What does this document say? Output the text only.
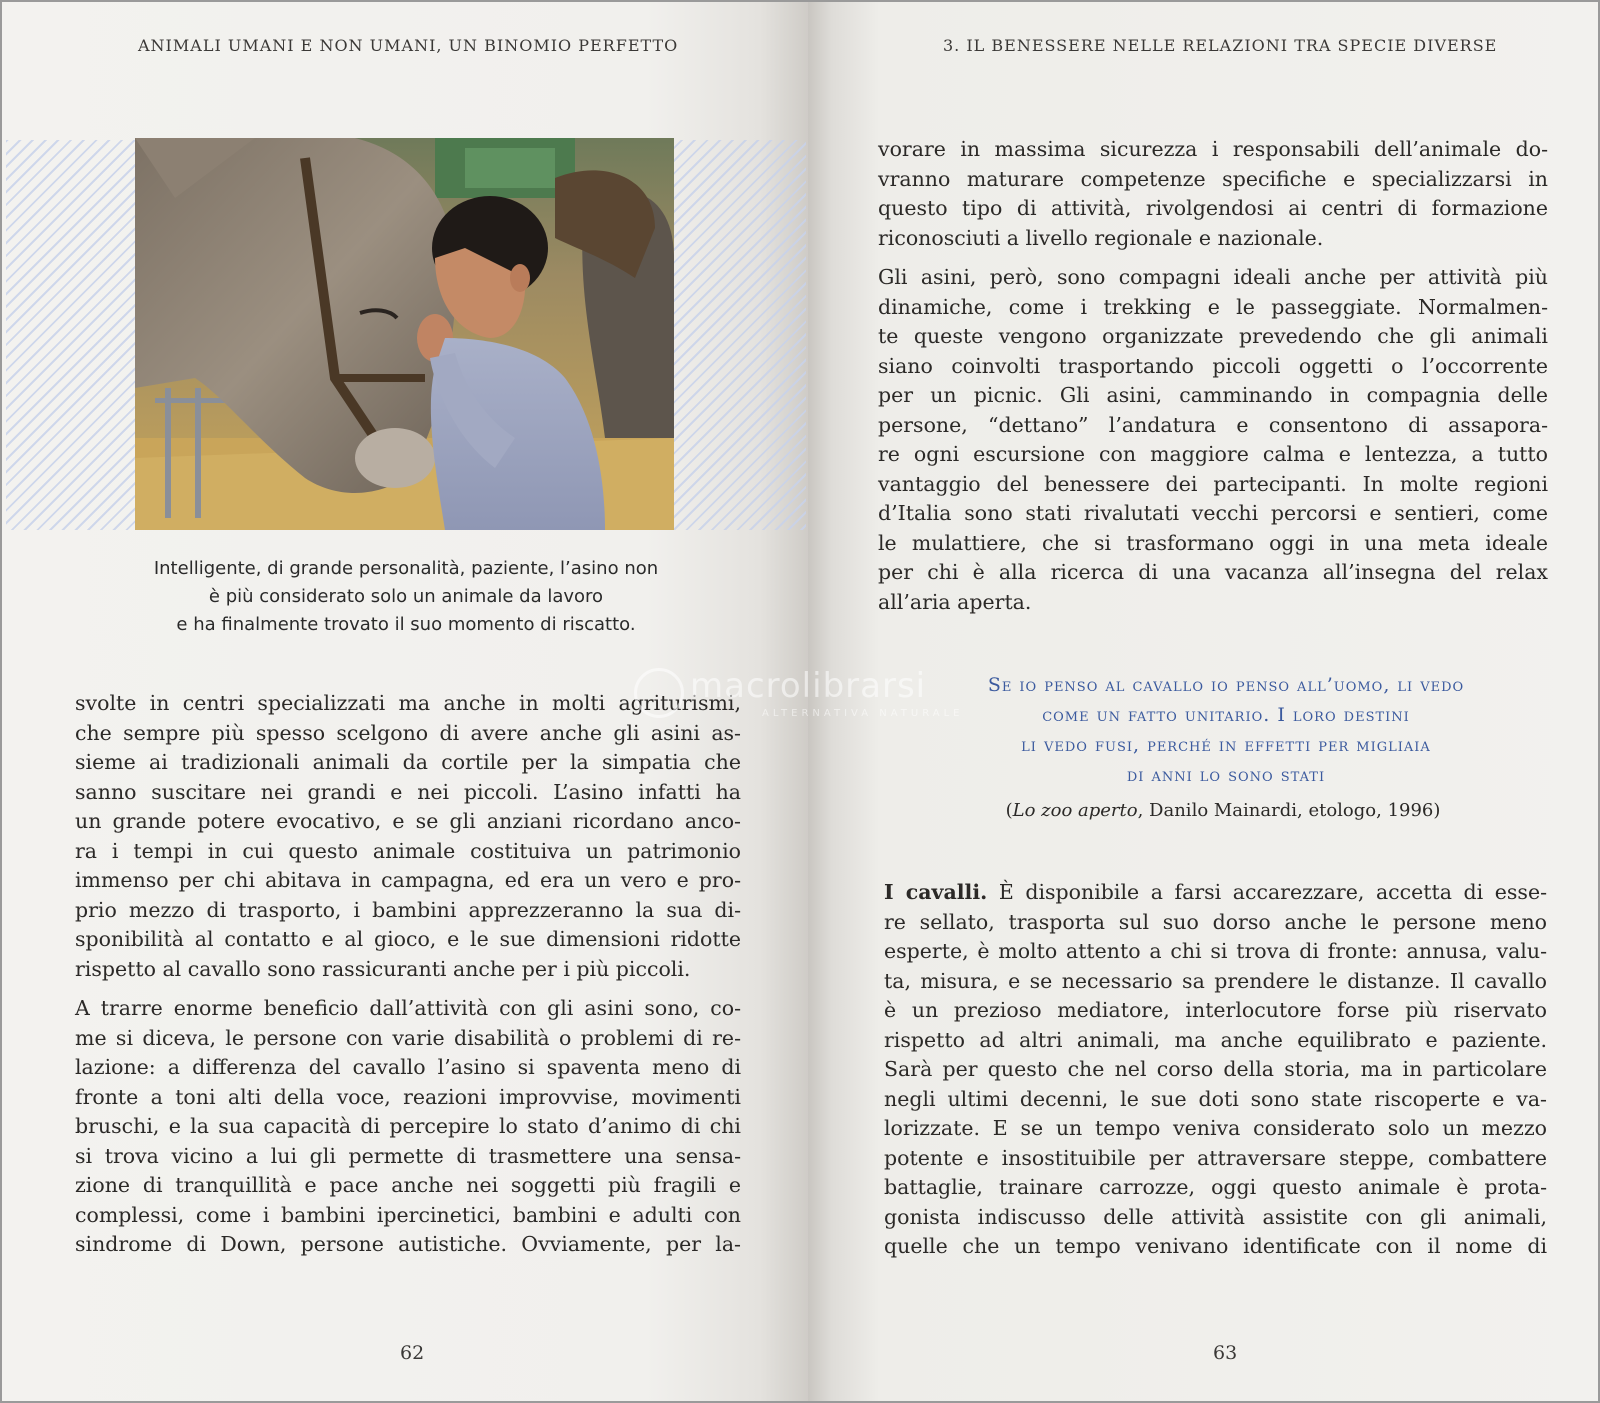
ANIMALI UMANI E NON UMANI, UN BINOMIO PERFETTO
Intelligente, di grande personalità, paziente, l’asino non
è più considerato solo un animale da lavoro
e ha finalmente trovato il suo momento di riscatto.
svolte in centri specializzati ma anche in molti agriturismi,
che sempre più spesso scelgono di avere anche gli asini as-
sieme ai tradizionali animali da cortile per la simpatia che
sanno suscitare nei grandi e nei piccoli. L’asino infatti ha
un grande potere evocativo, e se gli anziani ricordano anco-
ra i tempi in cui questo animale costituiva un patrimonio
immenso per chi abitava in campagna, ed era un vero e pro-
prio mezzo di trasporto, i bambini apprezzeranno la sua di-
sponibilità al contatto e al gioco, e le sue dimensioni ridotte
rispetto al cavallo sono rassicuranti anche per i più piccoli.
A trarre enorme beneficio dall’attività con gli asini sono, co-
me si diceva, le persone con varie disabilità o problemi di re-
lazione: a differenza del cavallo l’asino si spaventa meno di
fronte a toni alti della voce, reazioni improvvise, movimenti
bruschi, e la sua capacità di percepire lo stato d’animo di chi
si trova vicino a lui gli permette di trasmettere una sensa-
zione di tranquillità e pace anche nei soggetti più fragili e
complessi, come i bambini ipercinetici, bambini e adulti con
sindrome di Down, persone autistiche. Ovviamente, per la-
62
3. IL BENESSERE NELLE RELAZIONI TRA SPECIE DIVERSE
vorare in massima sicurezza i responsabili dell’animale do-
vranno maturare competenze specifiche e specializzarsi in
questo tipo di attività, rivolgendosi ai centri di formazione
riconosciuti a livello regionale e nazionale.
Gli asini, però, sono compagni ideali anche per attività più
dinamiche, come i trekking e le passeggiate. Normalmen-
te queste vengono organizzate prevedendo che gli animali
siano coinvolti trasportando piccoli oggetti o l’occorrente
per un picnic. Gli asini, camminando in compagnia delle
persone, “dettano” l’andatura e consentono di assapora-
re ogni escursione con maggiore calma e lentezza, a tutto
vantaggio del benessere dei partecipanti. In molte regioni
d’Italia sono stati rivalutati vecchi percorsi e sentieri, come
le mulattiere, che si trasformano oggi in una meta ideale
per chi è alla ricerca di una vacanza all’insegna del relax
all’aria aperta.
Se io penso al cavallo io penso all’uomo, li vedo
come un fatto unitario. I loro destini
li vedo fusi, perché in effetti per migliaia
di anni lo sono stati
(Lo zoo aperto, Danilo Mainardi, etologo, 1996)
I cavalli. È disponibile a farsi accarezzare, accetta di esse-
re sellato, trasporta sul suo dorso anche le persone meno
esperte, è molto attento a chi si trova di fronte: annusa, valu-
ta, misura, e se necessario sa prendere le distanze. Il cavallo
è un prezioso mediatore, interlocutore forse più riservato
rispetto ad altri animali, ma anche equilibrato e paziente.
Sarà per questo che nel corso della storia, ma in particolare
negli ultimi decenni, le sue doti sono state riscoperte e va-
lorizzate. E se un tempo veniva considerato solo un mezzo
potente e insostituibile per attraversare steppe, combattere
battaglie, trainare carrozze, oggi questo animale è prota-
gonista indiscusso delle attività assistite con gli animali,
quelle che un tempo venivano identificate con il nome di
63
macrolibrarsi
ALTERNATIVA NATURALE
